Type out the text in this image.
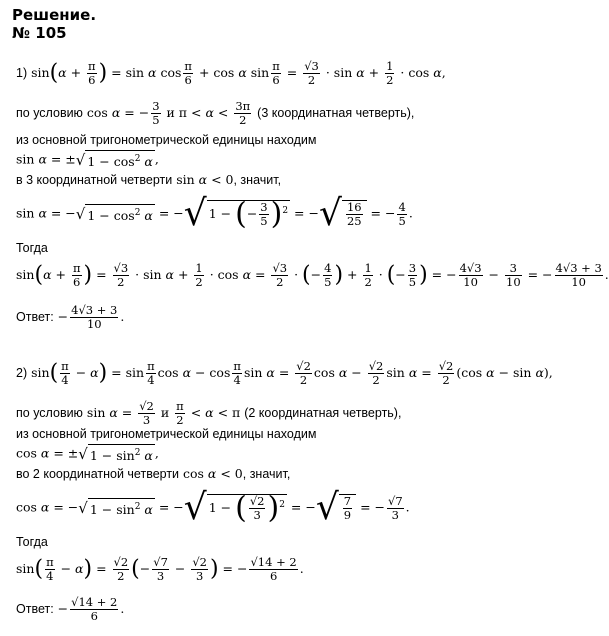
Решение.
№ 105
1) $\sin(\alpha + \frac{\pi}{6}$ ) = sin α $\cos \frac{\pi}{6} + \cos \alpha$ $\sin \frac{\pi}{6} = \frac{√3}{2} \cdot \sin \alpha + \frac{1}{2} \cdot \cos \alpha$,
по условию cos α = − $\frac{3}{5}$ и $\pi < \alpha < \frac{3\pi}{2} (3$ координатная четверть),
из основной тригонометрической единицы находим
sin α = ±√ $1 - \cos^2 \alpha$ ,
в 3 координатной четверти sin α < 0, значит,
sin α = −√ $1 - \cos^2 \alpha$ = −√ 1 − (− $\frac{3}{5} )^2$ = −√ $\frac{16}{25}$ = − $\frac{4}{5}$ .
Тогда
$\sin(\alpha + \frac{\pi}{6}$ ) = $\frac{√3}{2} \cdot \sin \alpha + \frac{1}{2} \cdot \cos \alpha = \frac{√3}{2}$ · (− $\frac{4}{5}$ ) + $\frac{1}{2}$ · (− $\frac{3}{5}$ ) = − $\frac{4√3}{10} - \frac{3}{10}$ = − $\frac{4√3 + 3}{10}$ .
Ответ: − $\frac{4√3 + 3}{10}$ .
2) $\sin( \frac{\pi}{4} - \alpha) = \sin \frac{\pi}{4}$ $\cos \alpha - \cos \frac{\pi}{4}$ $\sin \alpha = \frac{√2}{2}$ $\cos \alpha - \frac{√2}{2}$ $\sin \alpha = \frac{√2}{2} (\cos$ α − sin α),
по условию $\sin \alpha = \frac{√2}{3}$ и $\frac{\pi}{2} < \alpha < \pi$ (2 координатная четверть),
из основной тригонометрической единицы находим
cos α = ±√ $1 - \sin^2 \alpha$ ,
во 2 координатной четверти cos α < 0, значит,
cos α = −√ $1 - \sin^2 \alpha$ = −√ 1 − ( $\frac{√2}{3} )^2$ = −√ $\frac{7}{9}$ = − $\frac{√7}{3}$ .
Тогда
$\sin( \frac{\pi}{4} - \alpha) = \frac{√2}{2}$ (− $\frac{√7}{3} - \frac{√2}{3}$ ) = − $\frac{√14 + 2}{6}$ .
Ответ: − $\frac{√14 + 2}{6}$ .
